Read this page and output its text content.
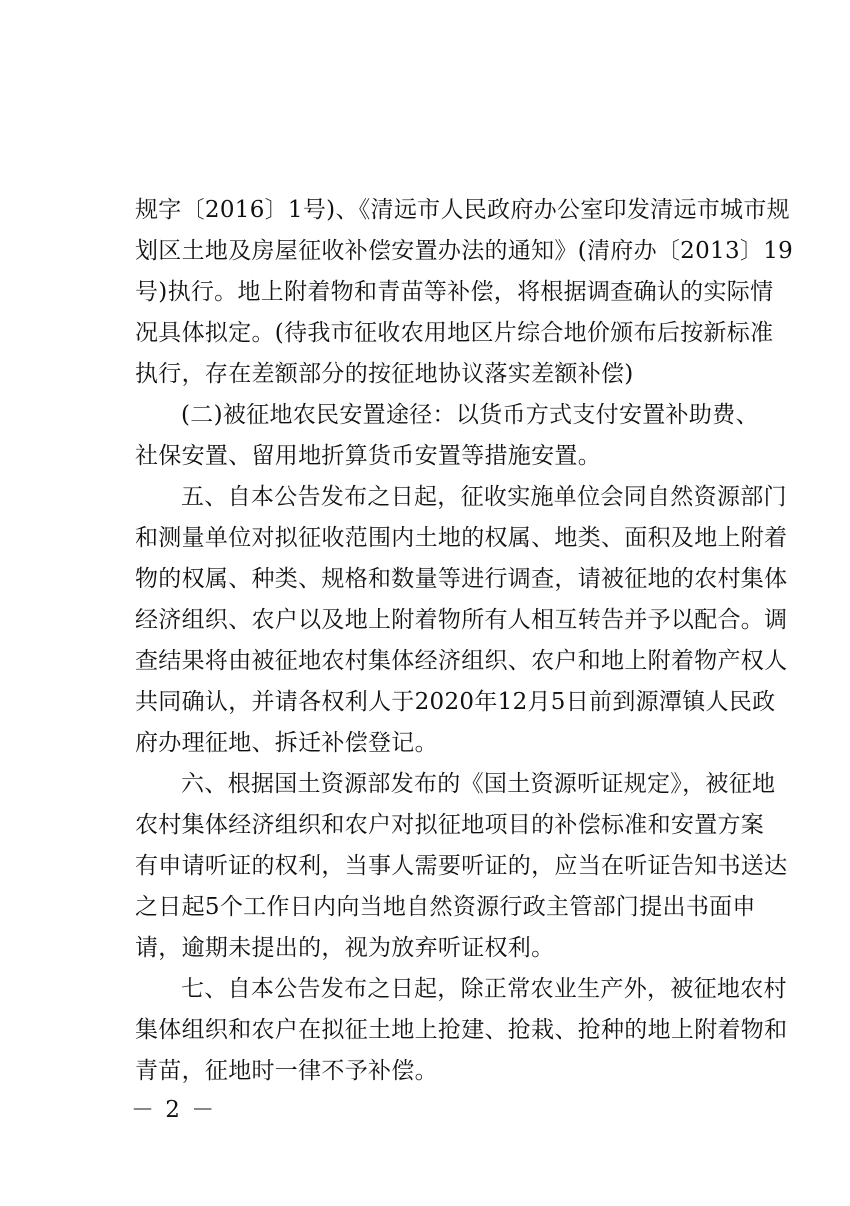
规字〔2016〕1号)、《清远市人民政府办公室印发清远市城市规
划区土地及房屋征收补偿安置办法的通知》(清府办〔2013〕19
号)执行。地上附着物和青苗等补偿，将根据调查确认的实际情
况具体拟定。(待我市征收农用地区片综合地价颁布后按新标准
执行，存在差额部分的按征地协议落实差额补偿)
(二)被征地农民安置途径：以货币方式支付安置补助费、
社保安置、留用地折算货币安置等措施安置。
五、自本公告发布之日起，征收实施单位会同自然资源部门
和测量单位对拟征收范围内土地的权属、地类、面积及地上附着
物的权属、种类、规格和数量等进行调查，请被征地的农村集体
经济组织、农户以及地上附着物所有人相互转告并予以配合。调
查结果将由被征地农村集体经济组织、农户和地上附着物产权人
共同确认，并请各权利人于2020年12月5日前到源潭镇人民政
府办理征地、拆迁补偿登记。
六、根据国土资源部发布的《国土资源听证规定》，被征地
农村集体经济组织和农户对拟征地项目的补偿标准和安置方案
有申请听证的权利，当事人需要听证的，应当在听证告知书送达
之日起5个工作日内向当地自然资源行政主管部门提出书面申
请，逾期未提出的，视为放弃听证权利。
七、自本公告发布之日起，除正常农业生产外，被征地农村
集体组织和农户在拟征土地上抢建、抢栽、抢种的地上附着物和
青苗，征地时一律不予补偿。
－ 2 －
